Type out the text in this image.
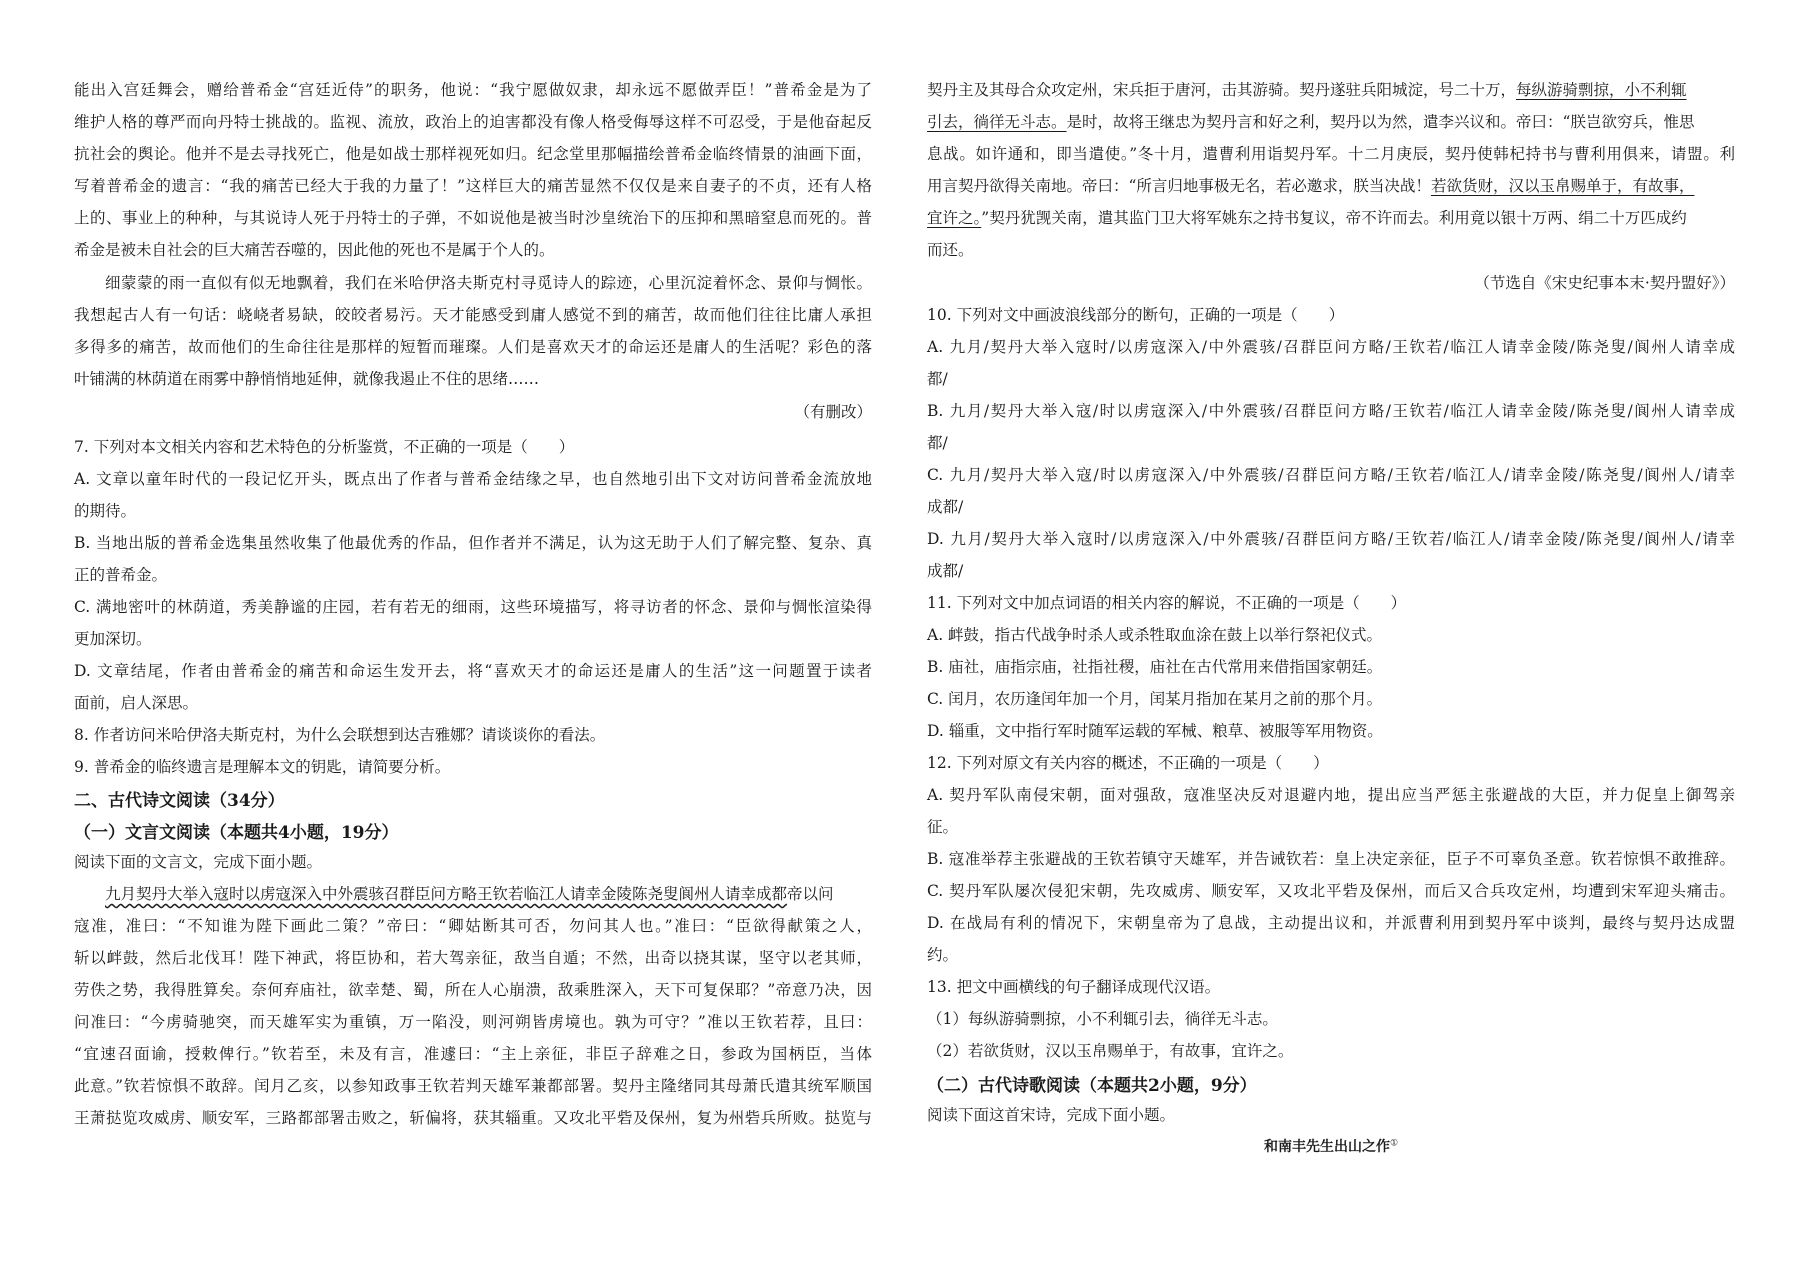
能出入宫廷舞会，赠给普希金“宫廷近侍”的职务，他说：“我宁愿做奴隶，却永远不愿做弄臣！”普希金是为了
维护人格的尊严而向丹特士挑战的。监视、流放，政治上的迫害都没有像人格受侮辱这样不可忍受，于是他奋起反
抗社会的舆论。他并不是去寻找死亡，他是如战士那样视死如归。纪念堂里那幅描绘普希金临终情景的油画下面，
写着普希金的遗言：“我的痛苦已经大于我的力量了！”这样巨大的痛苦显然不仅仅是来自妻子的不贞，还有人格
上的、事业上的种种，与其说诗人死于丹特士的子弹，不如说他是被当时沙皇统治下的压抑和黑暗窒息而死的。普
希金是被未自社会的巨大痛苦吞噬的，因此他的死也不是属于个人的。
细蒙蒙的雨一直似有似无地飘着，我们在米哈伊洛夫斯克村寻觅诗人的踪迹，心里沉淀着怀念、景仰与惆怅。
我想起古人有一句话：峣峣者易缺，皎皎者易污。天才能感受到庸人感觉不到的痛苦，故而他们往往比庸人承担
多得多的痛苦，故而他们的生命往往是那样的短暂而璀璨。人们是喜欢天才的命运还是庸人的生活呢？彩色的落
叶铺满的林荫道在雨雾中静悄悄地延伸，就像我遏止不住的思绪……
（有删改）
7. 下列对本文相关内容和艺术特色的分析鉴赏，不正确的一项是（　　）
A. 文章以童年时代的一段记忆开头，既点出了作者与普希金结缘之早，也自然地引出下文对访问普希金流放地
的期待。
B. 当地出版的普希金选集虽然收集了他最优秀的作品，但作者并不满足，认为这无助于人们了解完整、复杂、真
正的普希金。
C. 满地密叶的林荫道，秀美静谧的庄园，若有若无的细雨，这些环境描写，将寻访者的怀念、景仰与惆怅渲染得
更加深切。
D. 文章结尾，作者由普希金的痛苦和命运生发开去，将“喜欢天才的命运还是庸人的生活”这一问题置于读者
面前，启人深思。
8. 作者访问米哈伊洛夫斯克村，为什么会联想到达吉雅娜？请谈谈你的看法。
9. 普希金的临终遗言是理解本文的钥匙，请简要分析。
二、古代诗文阅读（34分）
（一）文言文阅读（本题共4小题，19分）
阅读下面的文言文，完成下面小题。
九月契丹大举入寇时以虏寇深入中外震骇召群臣问方略王钦若临江人请幸金陵陈尧叟阆州人请幸成都帝以问
寇准，准曰：“不知谁为陛下画此二策？”帝曰：“卿姑断其可否，勿问其人也。”准曰：“臣欲得献策之人，
斩以衅鼓，然后北伐耳！陛下神武，将臣协和，若大驾亲征，敌当自遁；不然，出奇以挠其谋，坚守以老其师，
劳佚之势，我得胜算矣。奈何弃庙社，欲幸楚、蜀，所在人心崩溃，敌乘胜深入，天下可复保耶？”帝意乃决，因
问准曰：“今虏骑驰突，而天雄军实为重镇，万一陷没，则河朔皆虏境也。孰为可守？”准以王钦若荐，且曰：
“宜速召面谕，授敕俾行。”钦若至，未及有言，准遽曰：“主上亲征，非臣子辞难之日，参政为国柄臣，当体
此意。”钦若惊惧不敢辞。闰月乙亥，以参知政事王钦若判天雄军兼都部署。契丹主隆绪同其母萧氏遣其统军顺国
王萧挞览攻威虏、顺安军，三路都部署击败之，斩偏将，获其辎重。又攻北平砦及保州，复为州砦兵所败。挞览与
契丹主及其母合众攻定州，宋兵拒于唐河，击其游骑。契丹遂驻兵阳城淀，号二十万，每纵游骑剽掠，小不利辄
引去，徜徉无斗志。是时，故将王继忠为契丹言和好之利，契丹以为然，遣李兴议和。帝曰：“朕岂欲穷兵，惟思
息战。如许通和，即当遣使。”冬十月，遣曹利用诣契丹军。十二月庚辰，契丹使韩杞持书与曹利用俱来，请盟。利
用言契丹欲得关南地。帝曰：“所言归地事极无名，若必邀求，朕当决战！若欲货财，汉以玉帛赐单于，有故事，
宜许之。”契丹犹觊关南，遣其监门卫大将军姚东之持书复议，帝不许而去。利用竟以银十万两、绢二十万匹成约
而还。
（节选自《宋史纪事本末·契丹盟好》）
10. 下列对文中画波浪线部分的断句，正确的一项是（　　）
A. 九月/契丹大举入寇时/以虏寇深入/中外震骇/召群臣问方略/王钦若/临江人请幸金陵/陈尧叟/阆州人请幸成
都/
B. 九月/契丹大举入寇/时以虏寇深入/中外震骇/召群臣问方略/王钦若/临江人请幸金陵/陈尧叟/阆州人请幸成
都/
C. 九月/契丹大举入寇/时以虏寇深入/中外震骇/召群臣问方略/王钦若/临江人/请幸金陵/陈尧叟/阆州人/请幸
成都/
D. 九月/契丹大举入寇时/以虏寇深入/中外震骇/召群臣问方略/王钦若/临江人/请幸金陵/陈尧叟/阆州人/请幸
成都/
11. 下列对文中加点词语的相关内容的解说，不正确的一项是（　　）
A. 衅鼓，指古代战争时杀人或杀牲取血涂在鼓上以举行祭祀仪式。
B. 庙社，庙指宗庙，社指社稷，庙社在古代常用来借指国家朝廷。
C. 闰月，农历逢闰年加一个月，闰某月指加在某月之前的那个月。
D. 辎重，文中指行军时随军运载的军械、粮草、被服等军用物资。
12. 下列对原文有关内容的概述，不正确的一项是（　　）
A. 契丹军队南侵宋朝，面对强敌，寇准坚决反对退避内地，提出应当严惩主张避战的大臣，并力促皇上御驾亲
征。
B. 寇准举荐主张避战的王钦若镇守天雄军，并告诫钦若：皇上决定亲征，臣子不可辜负圣意。钦若惊惧不敢推辞。
C. 契丹军队屡次侵犯宋朝，先攻威虏、顺安军，又攻北平砦及保州，而后又合兵攻定州，均遭到宋军迎头痛击。
D. 在战局有利的情况下，宋朝皇帝为了息战，主动提出议和，并派曹利用到契丹军中谈判，最终与契丹达成盟
约。
13. 把文中画横线的句子翻译成现代汉语。
（1）每纵游骑剽掠，小不利辄引去，徜徉无斗志。
（2）若欲货财，汉以玉帛赐单于，有故事，宜许之。
（二）古代诗歌阅读（本题共2小题，9分）
阅读下面这首宋诗，完成下面小题。
和南丰先生出山之作①
